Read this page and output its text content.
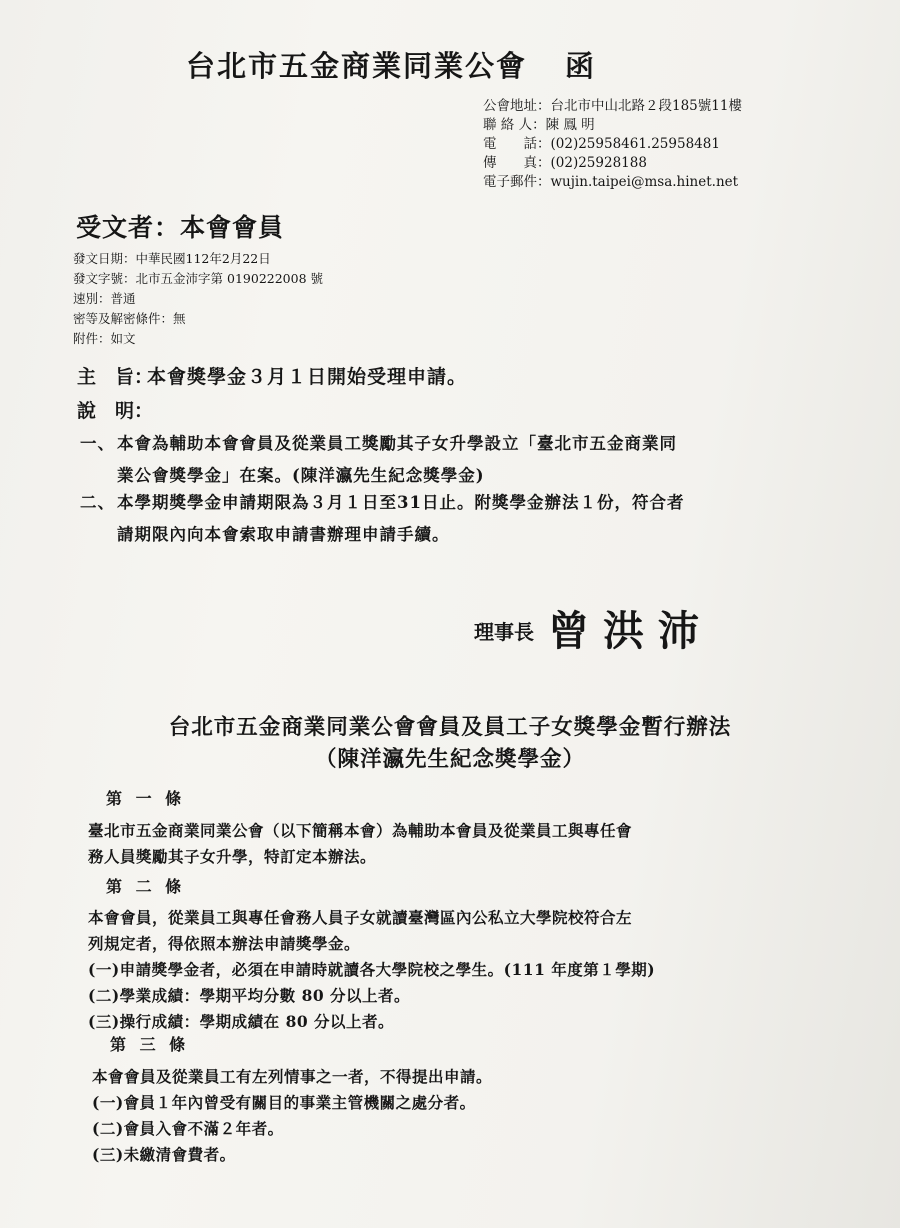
台北市五金商業同業公會 函
公會地址：台北市中山北路２段185號11樓
聯 絡 人：陳 鳳 明
電　　話：(02)25958461.25958481
傳　　真：(02)25928188
電子郵件：wujin.taipei@msa.hinet.net
受文者：本會會員
發文日期：中華民國112年2月22日
發文字號：北市五金沛字第 0190222008 號
速別：普通
密等及解密條件：無
附件：如文
主　旨：本會獎學金３月１日開始受理申請。
說　明：
一、 本會為輔助本會會員及從業員工獎勵其子女升學設立「臺北市五金商業同
業公會獎學金」在案。(陳洋瀛先生紀念獎學金)
二、 本學期獎學金申請期限為３月１日至31日止。附獎學金辦法１份，符合者
請期限內向本會索取申請書辦理申請手續。
理事長 曾洪沛
台北市五金商業同業公會會員及員工子女獎學金暫行辦法
（陳洋瀛先生紀念獎學金）
第 一 條
臺北市五金商業同業公會（以下簡稱本會）為輔助本會員及從業員工與專任會
務人員獎勵其子女升學，特訂定本辦法。
第 二 條
本會會員，從業員工與專任會務人員子女就讀臺灣區內公私立大學院校符合左
列規定者，得依照本辦法申請獎學金。
(一)申請獎學金者，必須在申請時就讀各大學院校之學生。(111 年度第１學期)
(二)學業成績：學期平均分數 80 分以上者。
(三)操行成績：學期成績在 80 分以上者。
第 三 條
本會會員及從業員工有左列情事之一者，不得提出申請。
(一)會員１年內曾受有關目的事業主管機關之處分者。
(二)會員入會不滿２年者。
(三)未繳清會費者。
